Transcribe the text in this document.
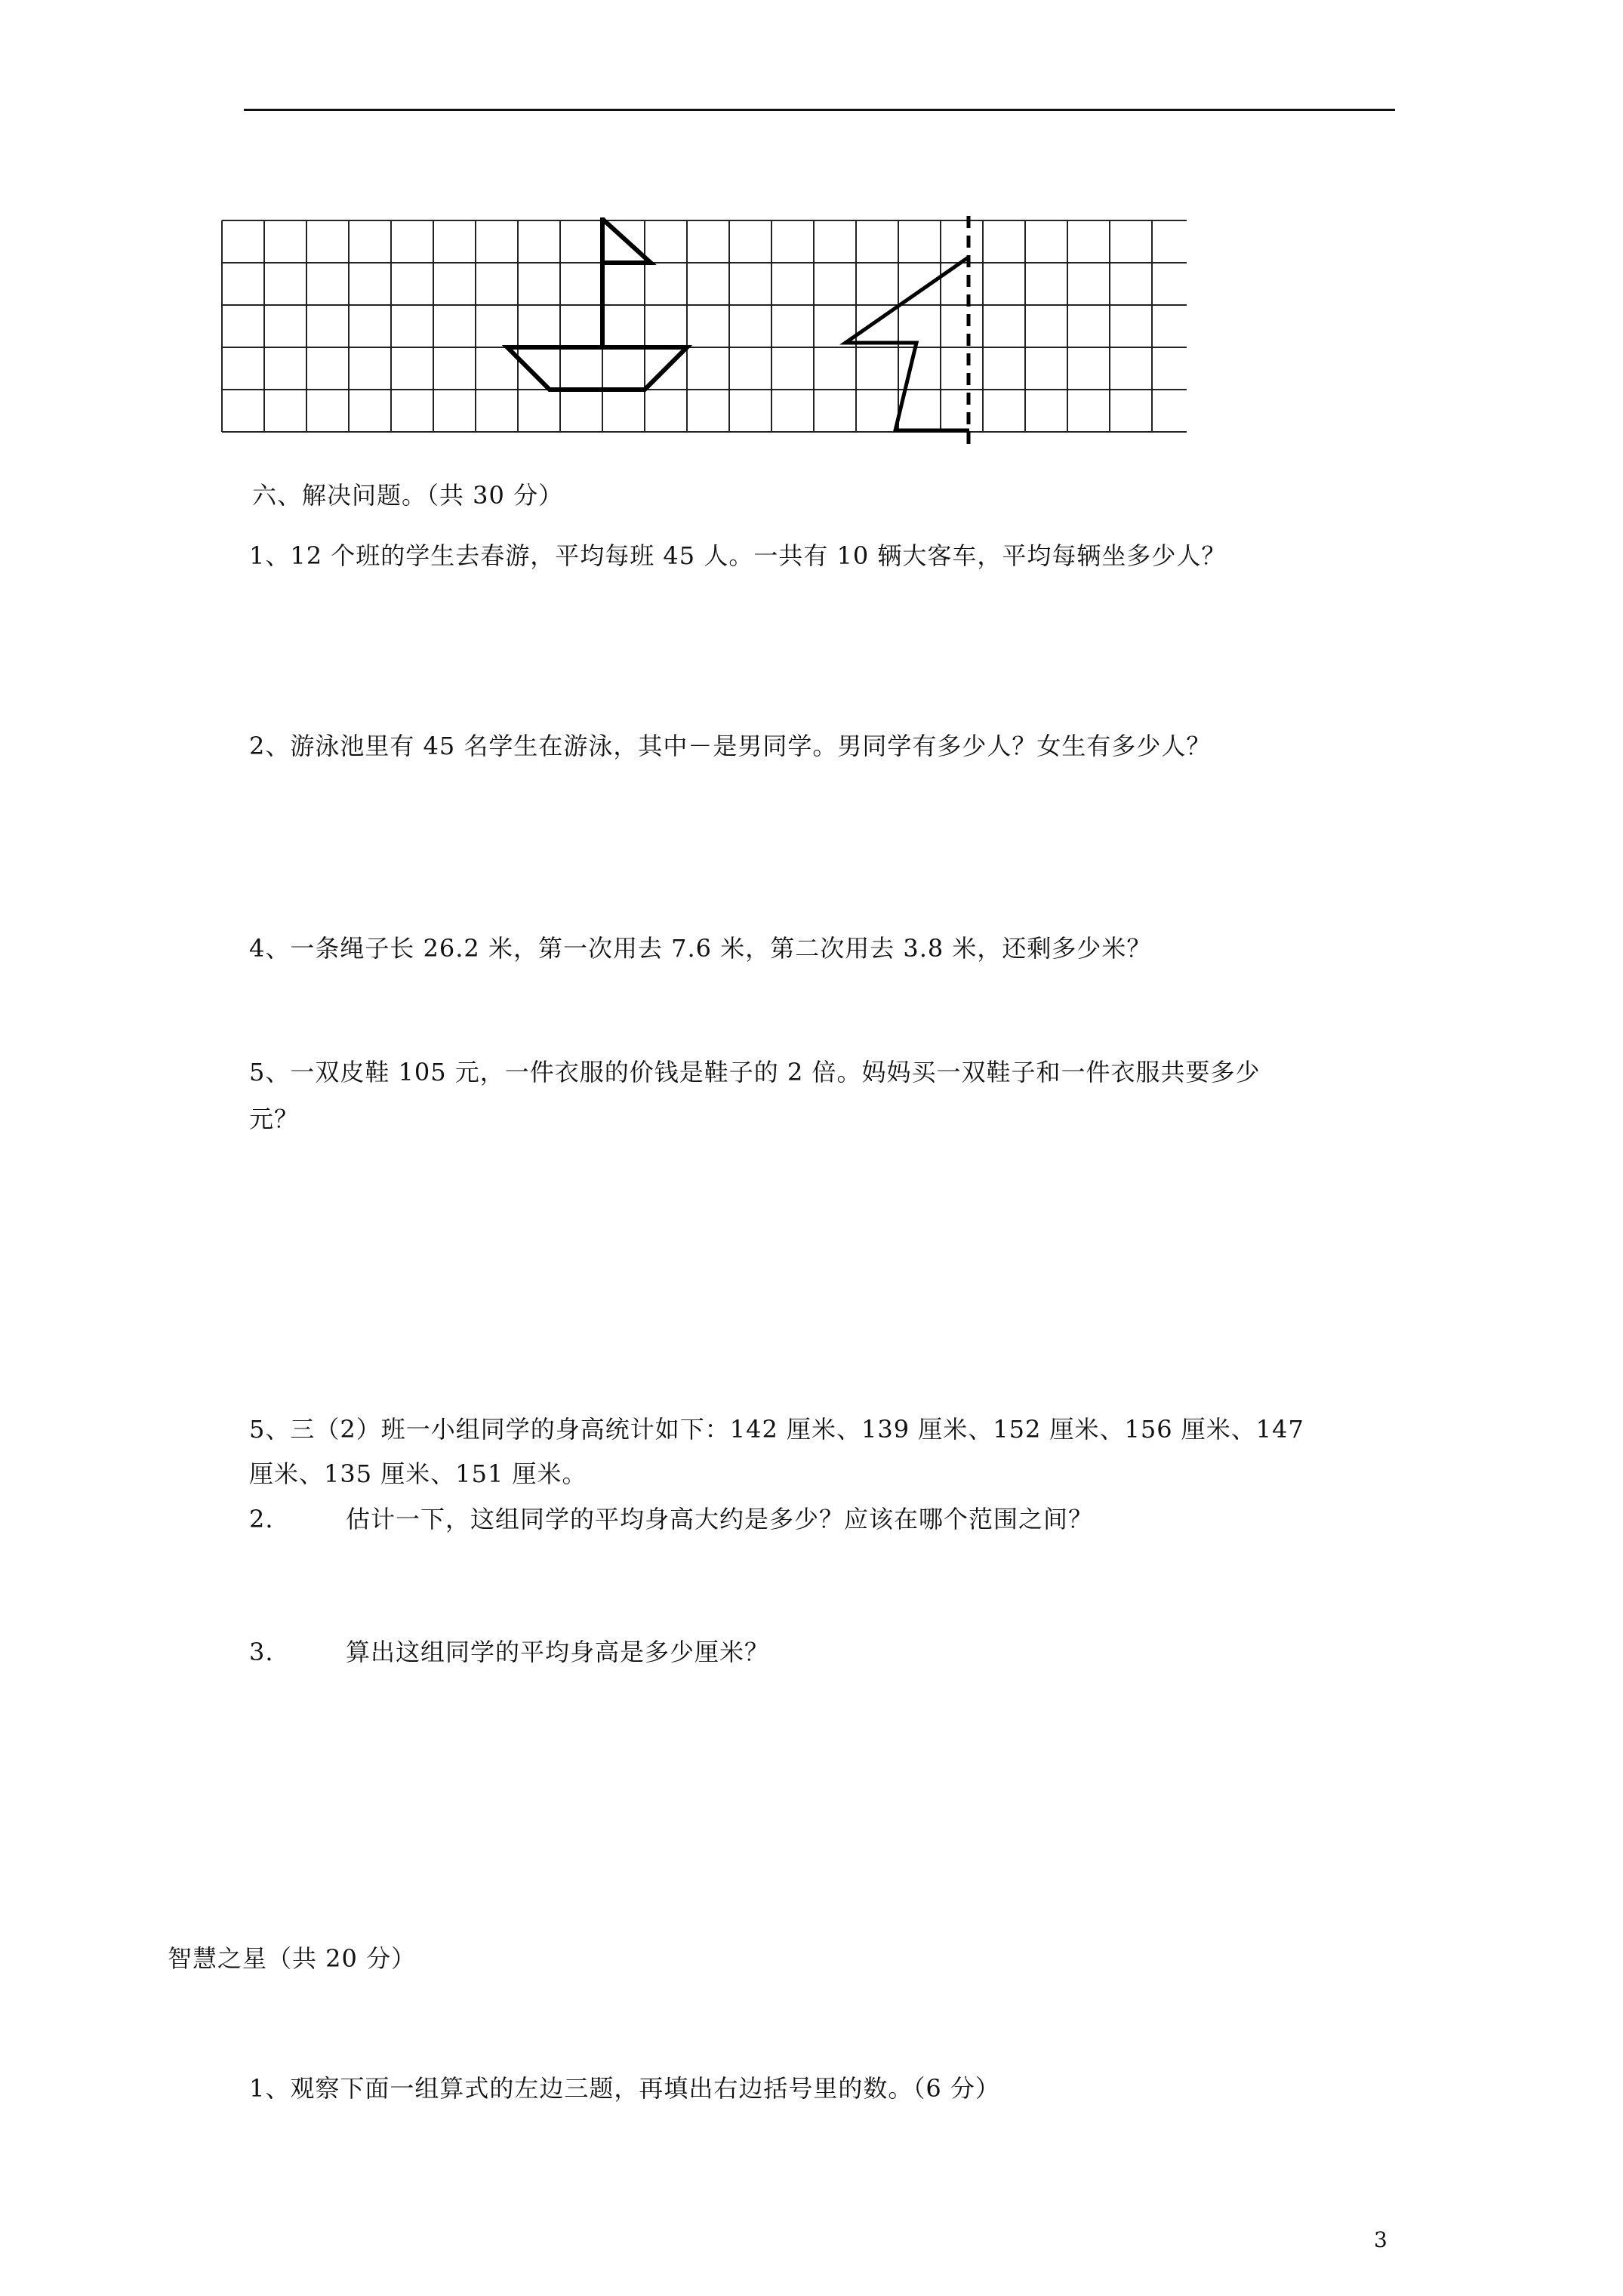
六、解决问题。（共 30 分）
1、12 个班的学生去春游，平均每班 45 人。一共有 10 辆大客车，平均每辆坐多少人？
2、游泳池里有 45 名学生在游泳，其中－是男同学。男同学有多少人？女生有多少人？
4、一条绳子长 26.2 米，第一次用去 7.6 米，第二次用去 3.8 米，还剩多少米？
5、一双皮鞋 105 元，一件衣服的价钱是鞋子的 2 倍。妈妈买一双鞋子和一件衣服共要多少
元？
5、三（2）班一小组同学的身高统计如下：142 厘米、139 厘米、152 厘米、156 厘米、147
厘米、135 厘米、151 厘米。
2.	估计一下，这组同学的平均身高大约是多少？应该在哪个范围之间？
3.	算出这组同学的平均身高是多少厘米？
智慧之星（共 20 分）
1、观察下面一组算式的左边三题，再填出右边括号里的数。（6 分）
3
